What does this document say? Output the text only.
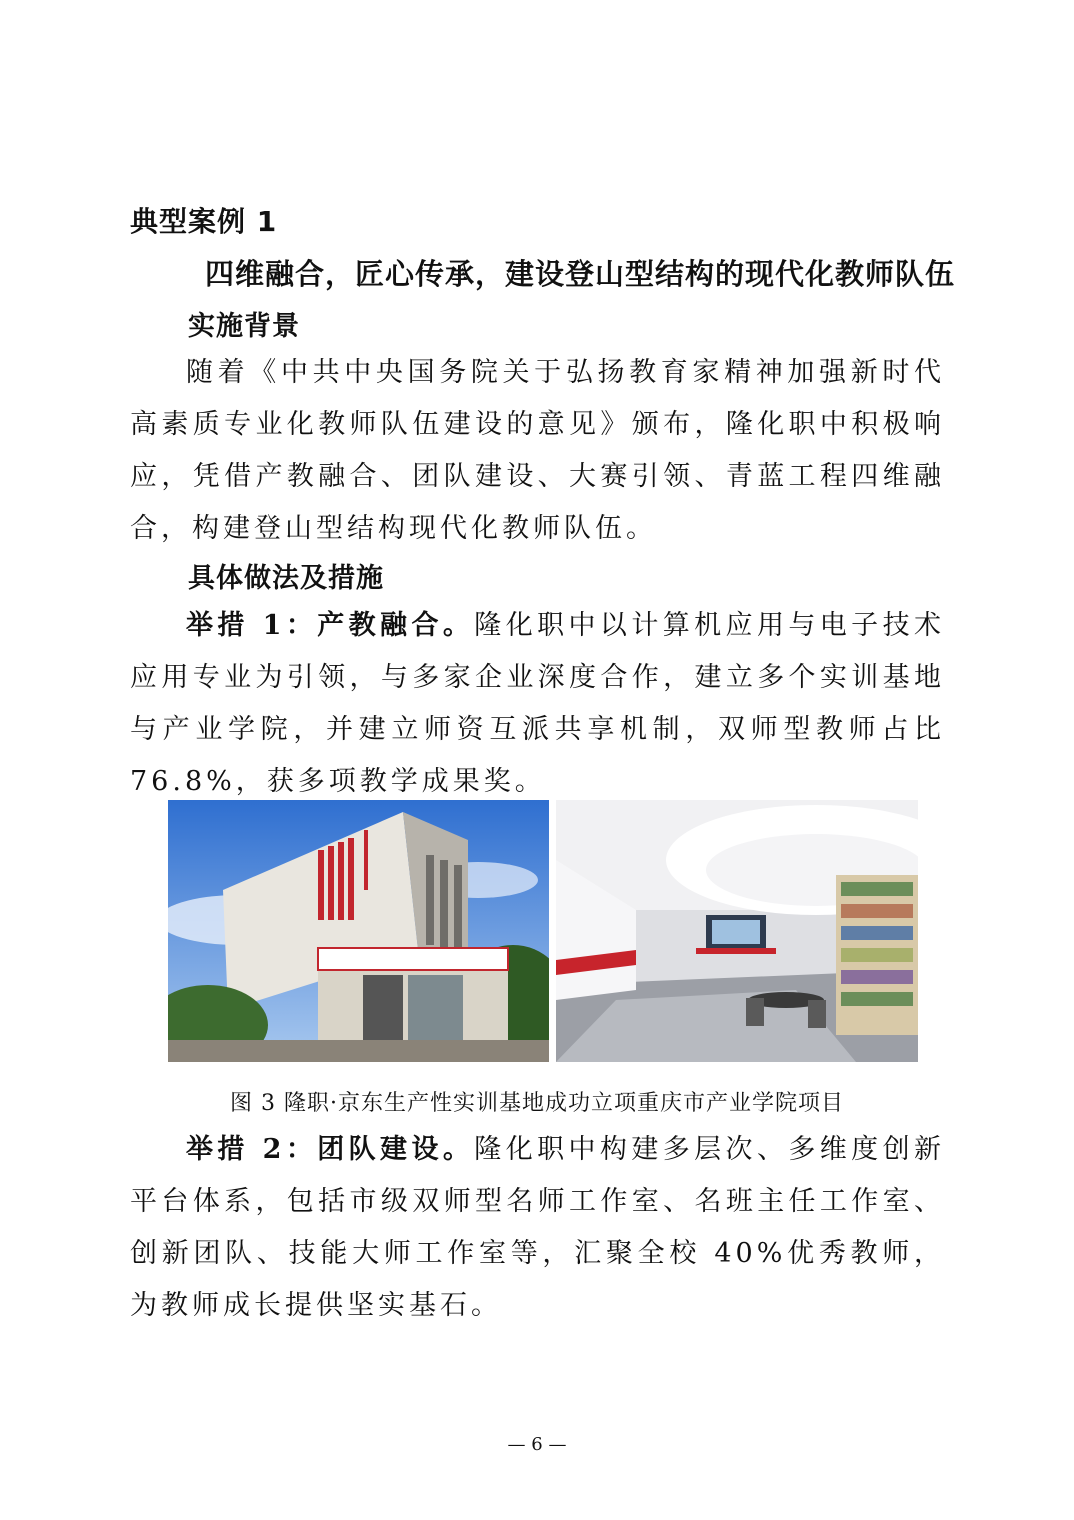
典型案例 1
四维融合，匠心传承，建设登山型结构的现代化教师队伍
实施背景

随着《中共中央国务院关于弘扬教育家精神加强新时代高素质专业化教师队伍建设的意见》颁布，隆化职中积极响应，凭借产教融合、团队建设、大赛引领、青蓝工程四维融合，构建登山型结构现代化教师队伍。

具体做法及措施

举措 1：产教融合。隆化职中以计算机应用与电子技术应用专业为引领，与多家企业深度合作，建立多个实训基地与产业学院，并建立师资互派共享机制，双师型教师占比 76.8%，获多项教学成果奖。

图 3 隆职·京东生产性实训基地成功立项重庆市产业学院项目

举措 2：团队建设。隆化职中构建多层次、多维度创新平台体系，包括市级双师型名师工作室、名班主任工作室、创新团队、技能大师工作室等，汇聚全校 40%优秀教师，为教师成长提供坚实基石。

— 6 —
